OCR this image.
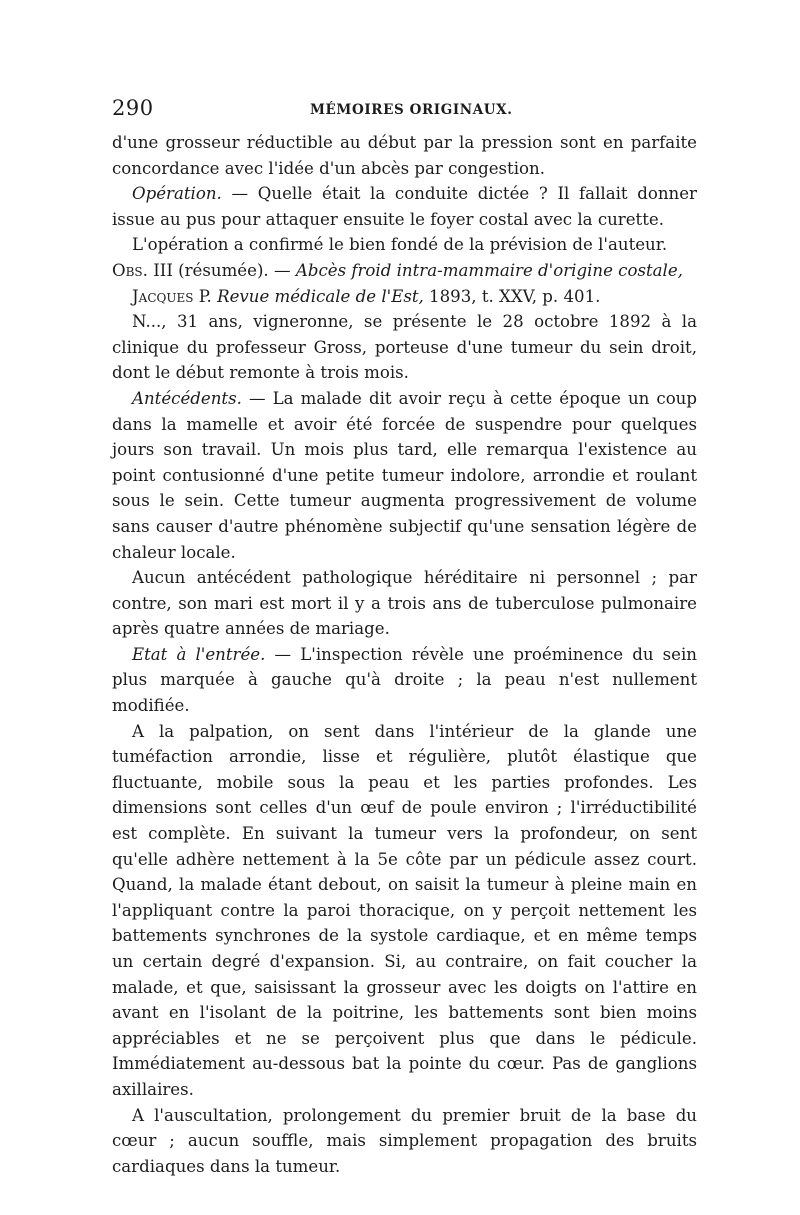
290	MÉMOIRES ORIGINAUX.

d'une grosseur réductible au début par la pression sont en parfaite concordance avec l'idée d'un abcès par congestion.

Opération. — Quelle était la conduite dictée ? Il fallait donner issue au pus pour attaquer ensuite le foyer costal avec la curette.

L'opération a confirmé le bien fondé de la prévision de l'auteur.

Obs. III (résumée). — Abcès froid intra-mammaire d'origine costale,
Jacques P. Revue médicale de l'Est, 1893, t. XXV, p. 401.

N..., 31 ans, vigneronne, se présente le 28 octobre 1892 à la clinique du professeur Gross, porteuse d'une tumeur du sein droit, dont le début remonte à trois mois.

Antécédents. — La malade dit avoir reçu à cette époque un coup dans la mamelle et avoir été forcée de suspendre pour quelques jours son travail. Un mois plus tard, elle remarqua l'existence au point contusionné d'une petite tumeur indolore, arrondie et roulant sous le sein. Cette tumeur augmenta progressivement de volume sans causer d'autre phénomène subjectif qu'une sensation légère de chaleur locale.

Aucun antécédent pathologique héréditaire ni personnel ; par contre, son mari est mort il y a trois ans de tuberculose pulmonaire après quatre années de mariage.

Etat à l'entrée. — L'inspection révèle une proéminence du sein plus marquée à gauche qu'à droite ; la peau n'est nullement modifiée.

A la palpation, on sent dans l'intérieur de la glande une tuméfaction arrondie, lisse et régulière, plutôt élastique que fluctuante, mobile sous la peau et les parties profondes. Les dimensions sont celles d'un œuf de poule environ ; l'irréductibilité est complète. En suivant la tumeur vers la profondeur, on sent qu'elle adhère nettement à la 5e côte par un pédicule assez court. Quand, la malade étant debout, on saisit la tumeur à pleine main en l'appliquant contre la paroi thoracique, on y perçoit nettement les battements synchrones de la systole cardiaque, et en même temps un certain degré d'expansion. Si, au contraire, on fait coucher la malade, et que, saisissant la grosseur avec les doigts on l'attire en avant en l'isolant de la poitrine, les battements sont bien moins appréciables et ne se perçoivent plus que dans le pédicule. Immédiatement au-dessous bat la pointe du cœur. Pas de ganglions axillaires.

A l'auscultation, prolongement du premier bruit de la base du cœur ; aucun souffle, mais simplement propagation des bruits cardiaques dans la tumeur.
